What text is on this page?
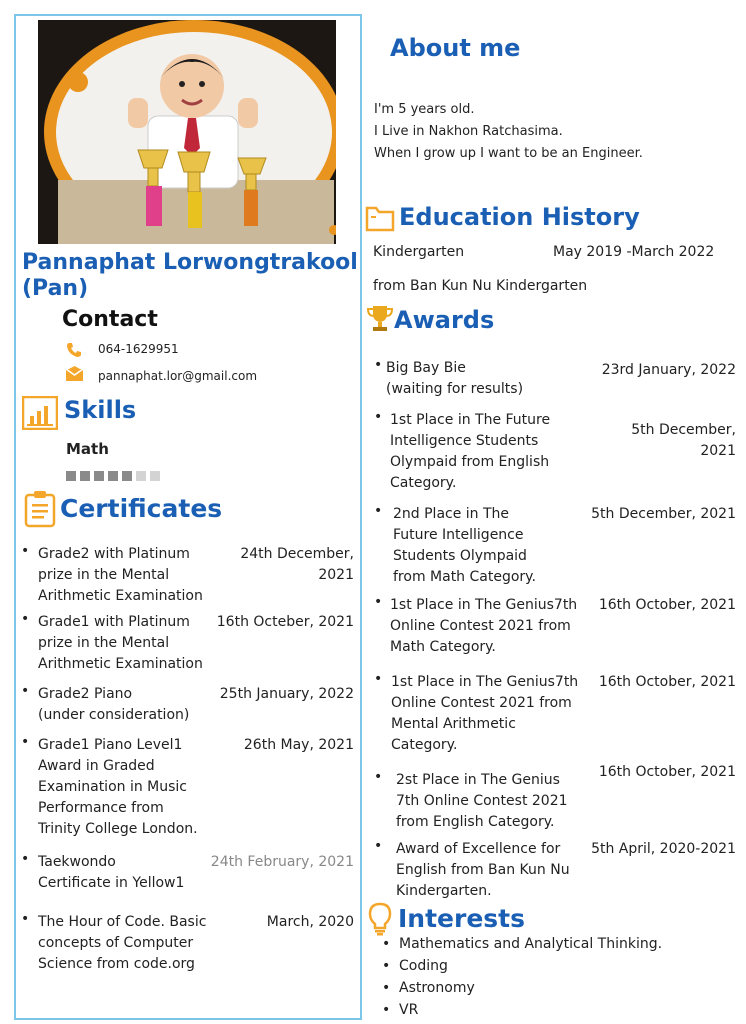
Pannaphat Lorwongtrakool
(Pan)
Contact
064-1629951
pannaphat.lor@gmail.com
Skills
Math
Certificates
• Grade2 with Platinum
prize in the Mental
Arithmetic Examination
24th December,
2021
• Grade1 with Platinum
prize in the Mental
Arithmetic Examination
16th Octeber, 2021
• Grade2 Piano
(under consideration)
25th January, 2022
• Grade1 Piano Level1
Award in Graded
Examination in Music
Performance from
Trinity College London.
26th May, 2021
• Taekwondo
Certificate in Yellow1
24th February, 2021
• The Hour of Code. Basic
concepts of Computer
Science from code.org
March, 2020
About me
I'm 5 years old.
I Live in Nakhon Ratchasima.
When I grow up I want to be an Engineer.
Education History
Kindergarten	May 2019 -March 2022
from Ban Kun Nu Kindergarten
Awards
• Big Bay Bie
(waiting for results)
23rd January, 2022
• 1st Place in The Future
Intelligence Students
Olympaid from English
Category.
5th December,
2021
• 2nd Place in The
Future Intelligence
Students Olympaid
from Math Category.
5th December, 2021
• 1st Place in The Genius7th
Online Contest 2021 from
Math Category.
16th October, 2021
• 1st Place in The Genius7th
Online Contest 2021 from
Mental Arithmetic
Category.
16th October, 2021
• 2st Place in The Genius
7th Online Contest 2021
from English Category.
16th October, 2021
• Award of Excellence for
English from Ban Kun Nu
Kindergarten.
5th April, 2020-2021
Interests
• Mathematics and Analytical Thinking.
• Coding
• Astronomy
• VR
